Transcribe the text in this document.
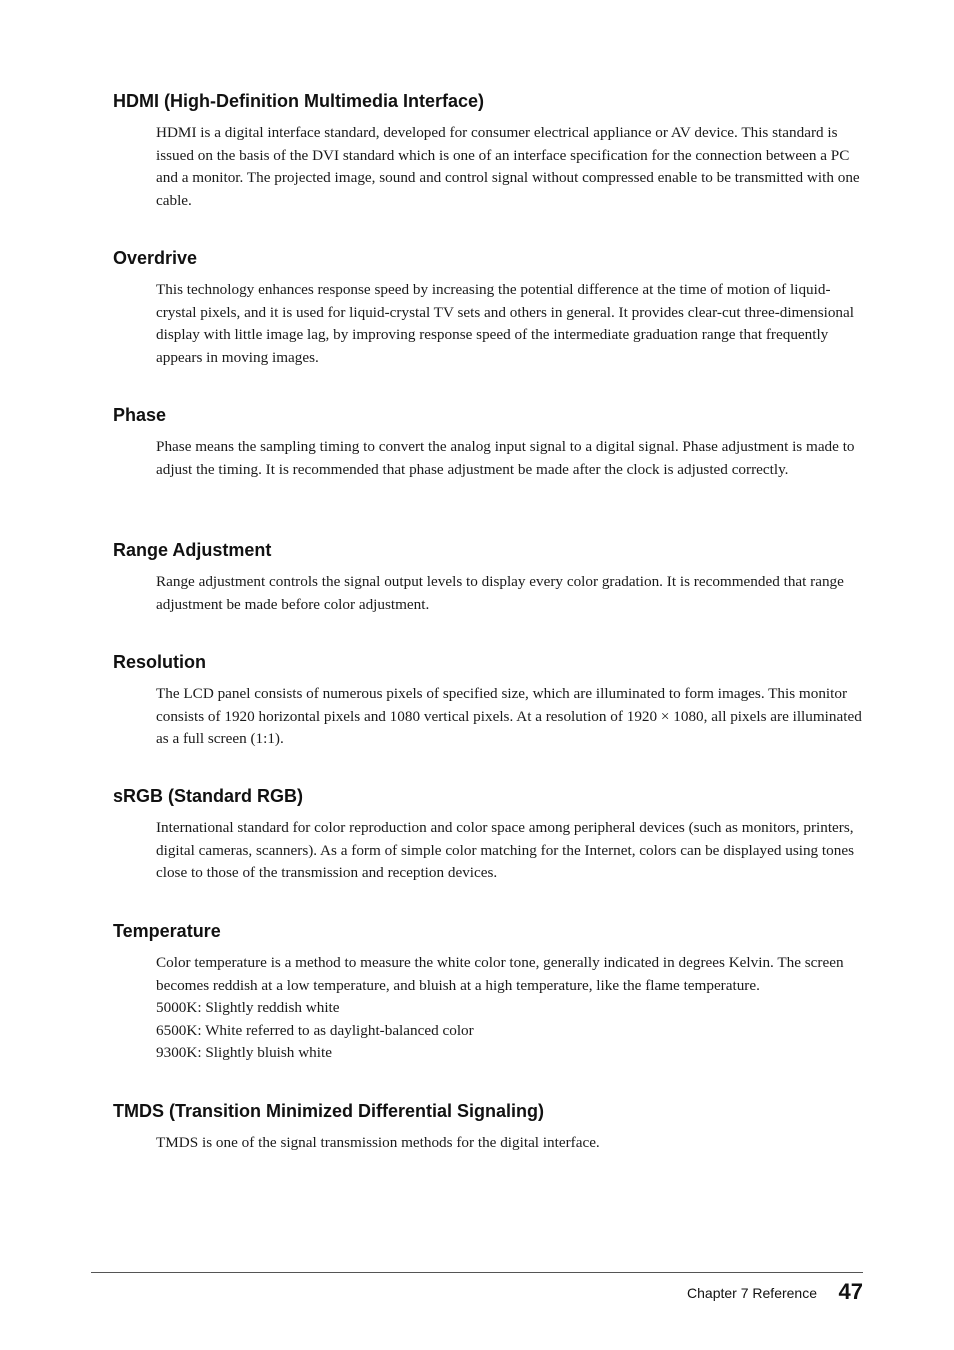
HDMI (High-Definition Multimedia Interface)

HDMI is a digital interface standard, developed for consumer electrical appliance or AV device. This standard is issued on the basis of the DVI standard which is one of an interface specification for the connection between a PC and a monitor. The projected image, sound and control signal without compressed enable to be transmitted with one cable.

Overdrive

This technology enhances response speed by increasing the potential difference at the time of motion of liquid-crystal pixels, and it is used for liquid-crystal TV sets and others in general. It provides clear-cut three-dimensional display with little image lag, by improving response speed of the intermediate graduation range that frequently appears in moving images.

Phase

Phase means the sampling timing to convert the analog input signal to a digital signal. Phase adjustment is made to adjust the timing. It is recommended that phase adjustment be made after the clock is adjusted correctly.

Range Adjustment

Range adjustment controls the signal output levels to display every color gradation. It is recommended that range adjustment be made before color adjustment.

Resolution

The LCD panel consists of numerous pixels of specified size, which are illuminated to form images. This monitor consists of 1920 horizontal pixels and 1080 vertical pixels. At a resolution of 1920 × 1080, all pixels are illuminated as a full screen (1:1).

sRGB (Standard RGB)

International standard for color reproduction and color space among peripheral devices (such as monitors, printers, digital cameras, scanners). As a form of simple color matching for the Internet, colors can be displayed using tones close to those of the transmission and reception devices.

Temperature

Color temperature is a method to measure the white color tone, generally indicated in degrees Kelvin. The screen becomes reddish at a low temperature, and bluish at a high temperature, like the flame temperature.

5000K: Slightly reddish white

6500K: White referred to as daylight-balanced color

9300K: Slightly bluish white

TMDS (Transition Minimized Differential Signaling)

TMDS is one of the signal transmission methods for the digital interface.

Chapter 7 Reference 47
